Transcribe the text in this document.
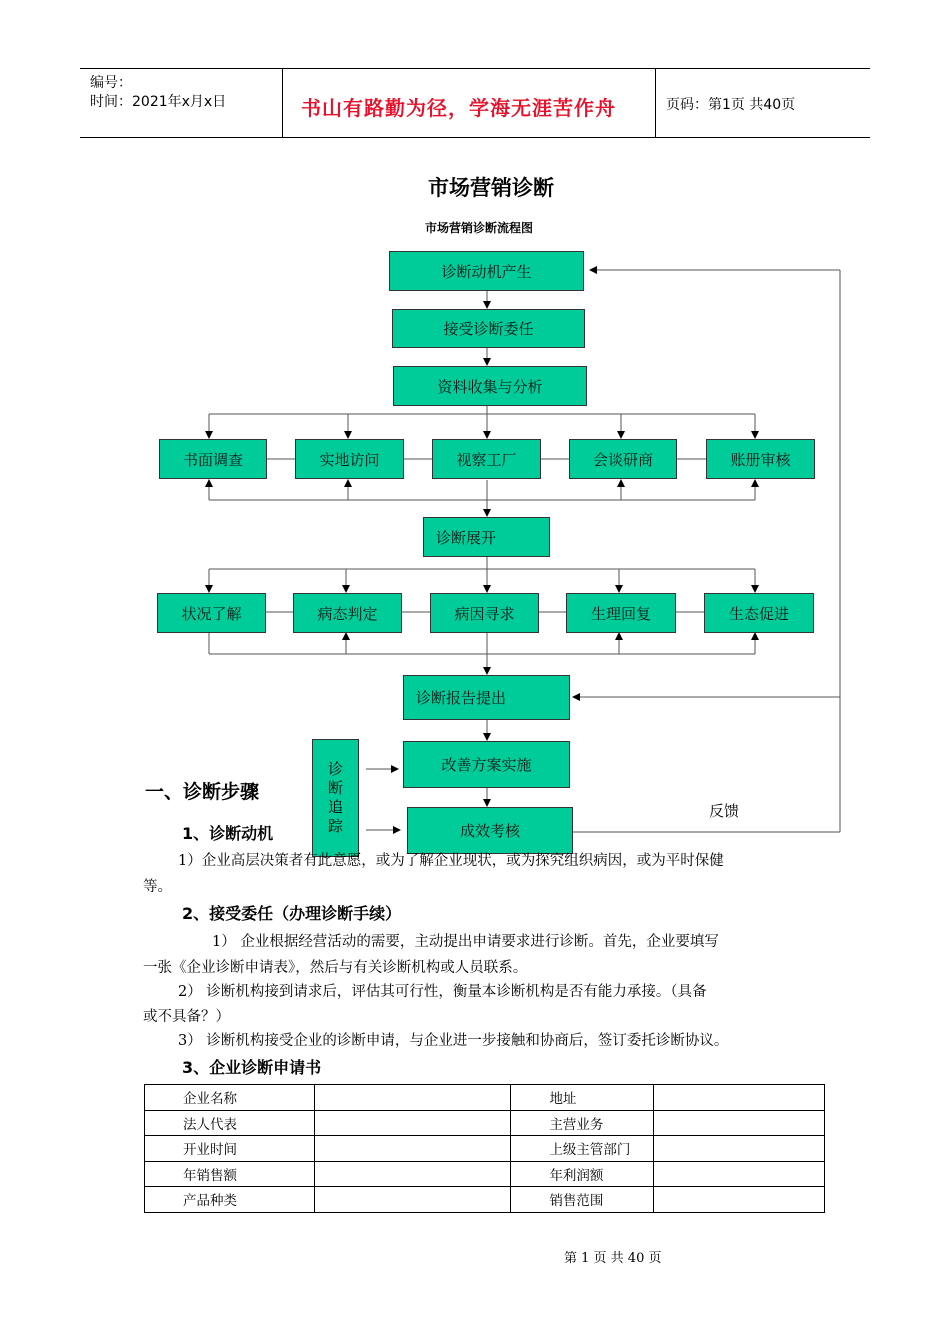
编号：
时间：2021年x月x日	书山有路勤为径，学海无涯苦作舟	页码：第1页 共40页
市场营销诊断
市场营销诊断流程图
诊断动机产生
接受诊断委任
资料收集与分析
书面调查	实地访问	视察工厂	会谈研商	账册审核
诊断展开
状况了解	病态判定	病因寻求	生理回复	生态促进
诊断报告提出
改善方案实施
成效考核
诊
断
追
踪
反馈
一、诊断步骤
1、诊断动机
1）企业高层决策者有此意愿，或为了解企业现状，或为探究组织病因，或为平时保健
等。
2、接受委任（办理诊断手续）
1） 企业根据经营活动的需要，主动提出申请要求进行诊断。首先，企业要填写
一张《企业诊断申请表》，然后与有关诊断机构或人员联系。
2） 诊断机构接到请求后，评估其可行性，衡量本诊断机构是否有能力承接。（具备
或不具备？）
3） 诊断机构接受企业的诊断申请，与企业进一步接触和协商后，签订委托诊断协议。
3、企业诊断申请书
企业名称		地址	
法人代表		主营业务	
开业时间		上级主管部门	
年销售额		年利润额	
产品种类		销售范围	
第 1 页 共 40 页
